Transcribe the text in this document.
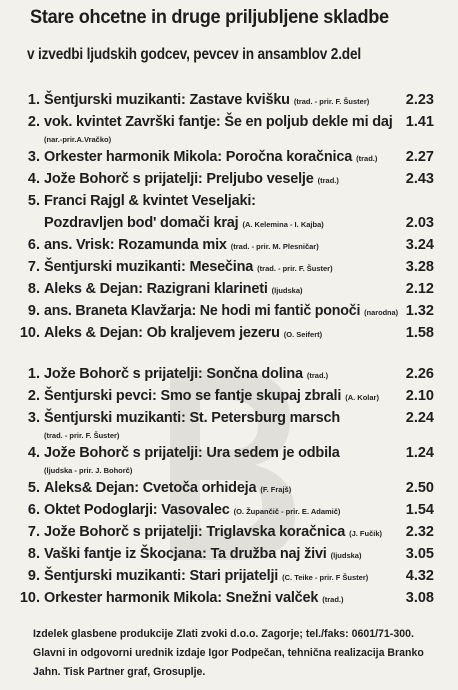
Stare ohcetne in druge priljubljene skladbe
v izvedbi ljudskih godcev, pevcev in ansamblov 2.del
1. Šentjurski muzikanti: Zastave kvišku (trad. - prir. F. Šuster)	2.23
2. vok. kvintet Završki fantje: Še en poljub dekle mi daj 1.41
(nar.-prir.A.Vračko)
3. Orkester harmonik Mikola: Poročna koračnica (trad.)	2.27
4. Jože Bohorč s prijatelji: Preljubo veselje (trad.)	2.43
5. Franci Rajgl & kvintet Veseljaki:
Pozdravljen bod' domači kraj (A. Kelemina - I. Kajba)	2.03
6. ans. Vrisk: Rozamunda mix (trad. - prir. M. Plesničar)	3.24
7. Šentjurski muzikanti: Mesečina (trad. - prir. F. Šuster)	3.28
8. Aleks & Dejan: Razigrani klarineti (ljudska)	2.12
9. ans. Braneta Klavžarja: Ne hodi mi fantič ponoči (narodna) 1.32
10. Aleks & Dejan: Ob kraljevem jezeru (O. Seifert)	1.58
1. Jože Bohorč s prijatelji: Sončna dolina (trad.)	2.26
2. Šentjurski pevci: Smo se fantje skupaj zbrali (A. Kolar)	2.10
3. Šentjurski muzikanti: St. Petersburg marsch	2.24
(trad. - prir. F. Šuster)
4. Jože Bohorč s prijatelji: Ura sedem je odbila	1.24
(ljudska - prir. J. Bohorč)
5. Aleks& Dejan: Cvetoča orhideja (F. Frajš)	2.50
6. Oktet Podoglarji: Vasovalec (O. Župančič - prir. E. Adamič)	1.54
7. Jože Bohorč s prijatelji: Triglavska koračnica (J. Fučik)	2.32
8. Vaški fantje iz Škocjana: Ta družba naj živi (ljudska)	3.05
9. Šentjurski muzikanti: Stari prijatelji (C. Teike - prir. F Šuster)	4.32
10. Orkester harmonik Mikola: Snežni valček (trad.)	3.08
Izdelek glasbene produkcije Zlati zvoki d.o.o. Zagorje; tel./faks: 0601/71-300.
Glavni in odgovorni urednik izdaje Igor Podpečan, tehnična realizacija Branko
Jahn. Tisk Partner graf, Grosuplje.
